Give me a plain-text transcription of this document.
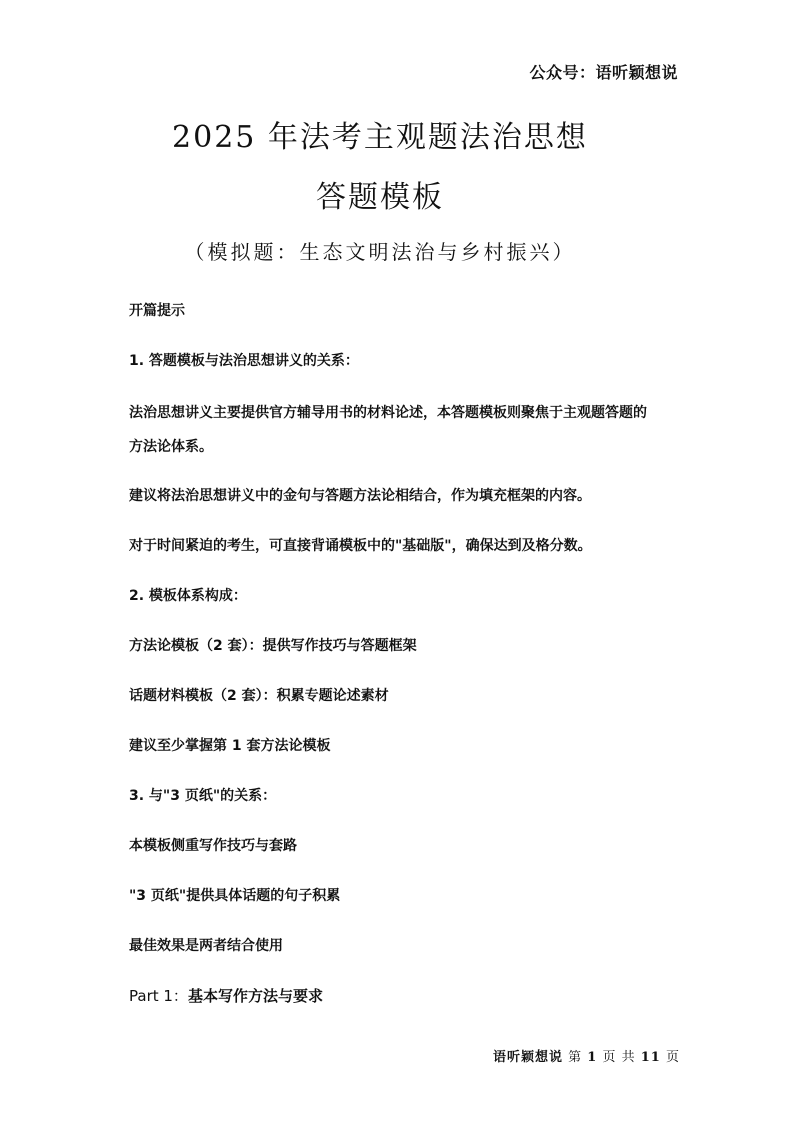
公众号：语听颖想说
2025 年法考主观题法治思想
答题模板
（模拟题：生态文明法治与乡村振兴）

开篇提示

1. 答题模板与法治思想讲义的关系：

法治思想讲义主要提供官方辅导用书的材料论述，本答题模板则聚焦于主观题答题的方法论体系。

建议将法治思想讲义中的金句与答题方法论相结合，作为填充框架的内容。

对于时间紧迫的考生，可直接背诵模板中的"基础版"，确保达到及格分数。

2. 模板体系构成：

方法论模板（2 套）：提供写作技巧与答题框架

话题材料模板（2 套）：积累专题论述素材

建议至少掌握第 1 套方法论模板

3. 与"3 页纸"的关系：

本模板侧重写作技巧与套路

"3 页纸"提供具体话题的句子积累

最佳效果是两者结合使用

Part 1：基本写作方法与要求

语听颖想说 第 1 页 共 11 页
